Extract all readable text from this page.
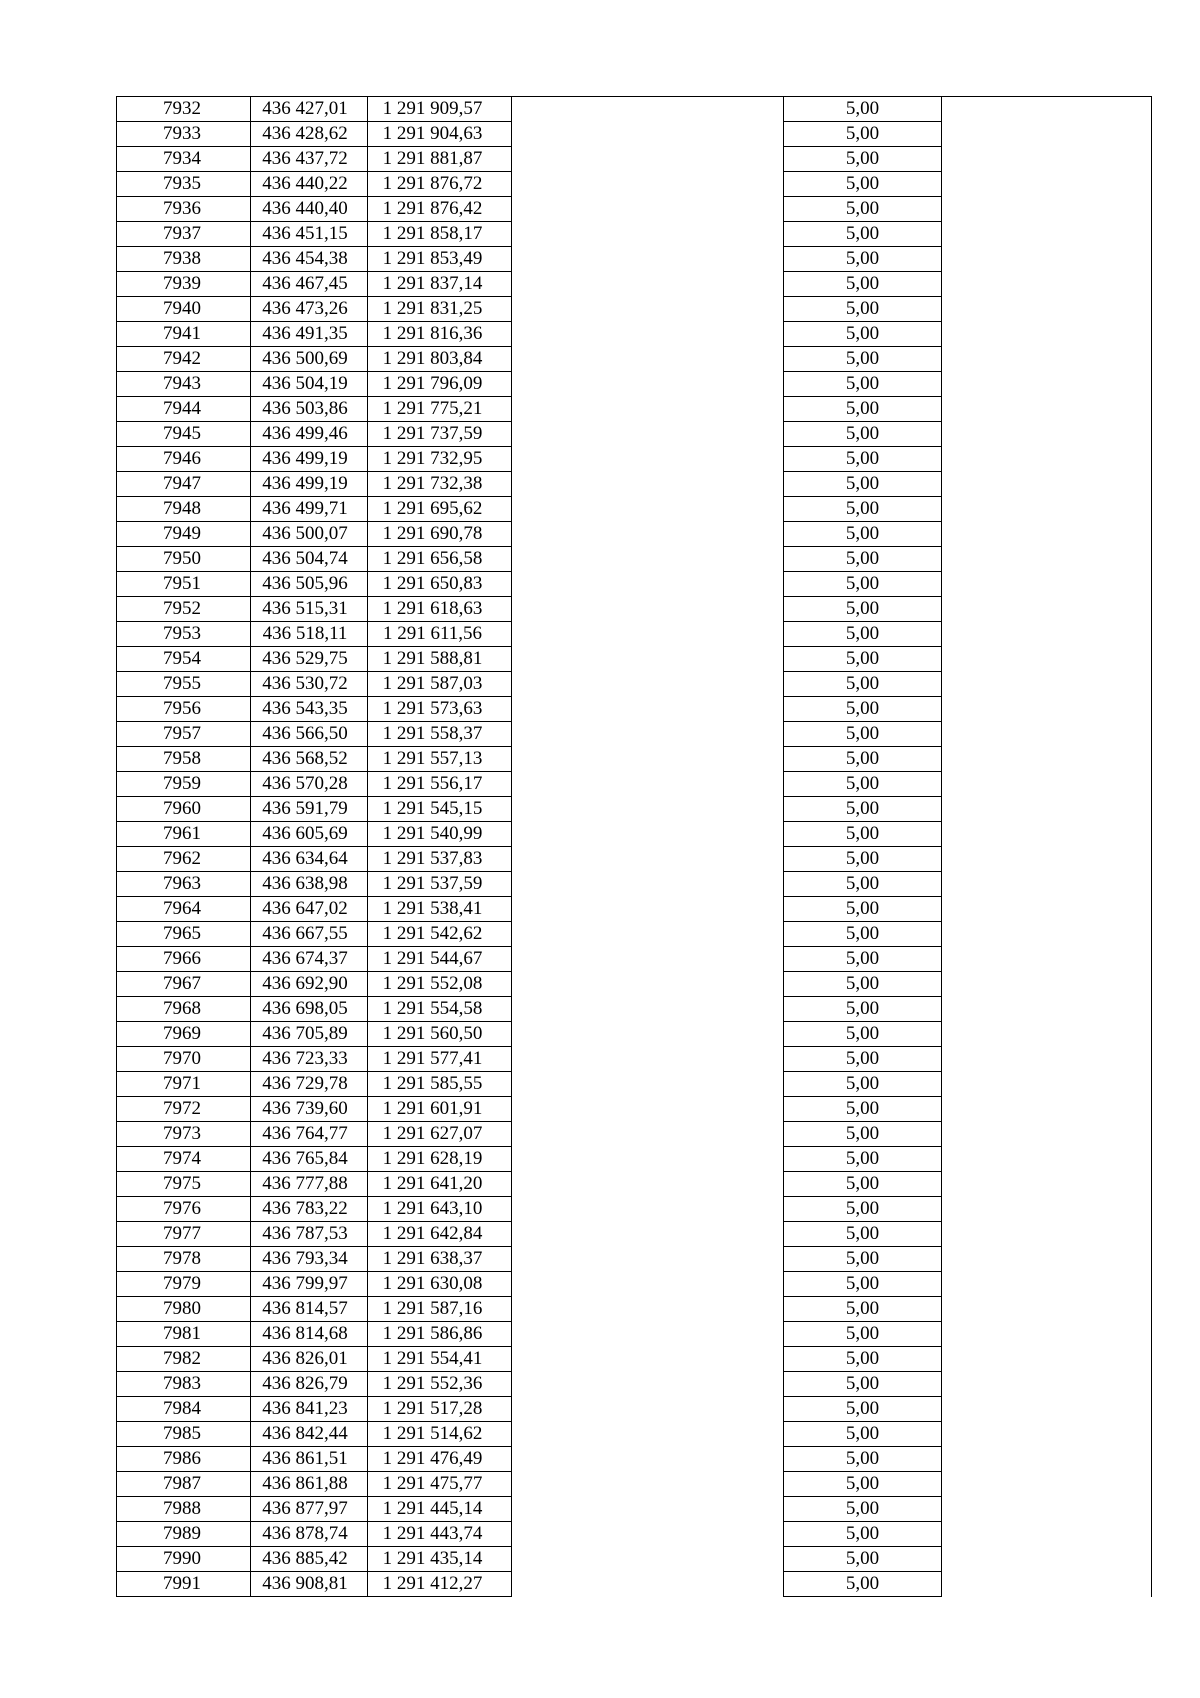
7932	436 427,01	1 291 909,57		5,00	
7933	436 428,62	1 291 904,63		5,00	
7934	436 437,72	1 291 881,87		5,00	
7935	436 440,22	1 291 876,72		5,00	
7936	436 440,40	1 291 876,42		5,00	
7937	436 451,15	1 291 858,17		5,00	
7938	436 454,38	1 291 853,49		5,00	
7939	436 467,45	1 291 837,14		5,00	
7940	436 473,26	1 291 831,25		5,00	
7941	436 491,35	1 291 816,36		5,00	
7942	436 500,69	1 291 803,84		5,00	
7943	436 504,19	1 291 796,09		5,00	
7944	436 503,86	1 291 775,21		5,00	
7945	436 499,46	1 291 737,59		5,00	
7946	436 499,19	1 291 732,95		5,00	
7947	436 499,19	1 291 732,38		5,00	
7948	436 499,71	1 291 695,62		5,00	
7949	436 500,07	1 291 690,78		5,00	
7950	436 504,74	1 291 656,58		5,00	
7951	436 505,96	1 291 650,83		5,00	
7952	436 515,31	1 291 618,63		5,00	
7953	436 518,11	1 291 611,56		5,00	
7954	436 529,75	1 291 588,81		5,00	
7955	436 530,72	1 291 587,03		5,00	
7956	436 543,35	1 291 573,63		5,00	
7957	436 566,50	1 291 558,37		5,00	
7958	436 568,52	1 291 557,13		5,00	
7959	436 570,28	1 291 556,17		5,00	
7960	436 591,79	1 291 545,15		5,00	
7961	436 605,69	1 291 540,99		5,00	
7962	436 634,64	1 291 537,83		5,00	
7963	436 638,98	1 291 537,59		5,00	
7964	436 647,02	1 291 538,41		5,00	
7965	436 667,55	1 291 542,62		5,00	
7966	436 674,37	1 291 544,67		5,00	
7967	436 692,90	1 291 552,08		5,00	
7968	436 698,05	1 291 554,58		5,00	
7969	436 705,89	1 291 560,50		5,00	
7970	436 723,33	1 291 577,41		5,00	
7971	436 729,78	1 291 585,55		5,00	
7972	436 739,60	1 291 601,91		5,00	
7973	436 764,77	1 291 627,07		5,00	
7974	436 765,84	1 291 628,19		5,00	
7975	436 777,88	1 291 641,20		5,00	
7976	436 783,22	1 291 643,10		5,00	
7977	436 787,53	1 291 642,84		5,00	
7978	436 793,34	1 291 638,37		5,00	
7979	436 799,97	1 291 630,08		5,00	
7980	436 814,57	1 291 587,16		5,00	
7981	436 814,68	1 291 586,86		5,00	
7982	436 826,01	1 291 554,41		5,00	
7983	436 826,79	1 291 552,36		5,00	
7984	436 841,23	1 291 517,28		5,00	
7985	436 842,44	1 291 514,62		5,00	
7986	436 861,51	1 291 476,49		5,00	
7987	436 861,88	1 291 475,77		5,00	
7988	436 877,97	1 291 445,14		5,00	
7989	436 878,74	1 291 443,74		5,00	
7990	436 885,42	1 291 435,14		5,00	
7991	436 908,81	1 291 412,27		5,00	
